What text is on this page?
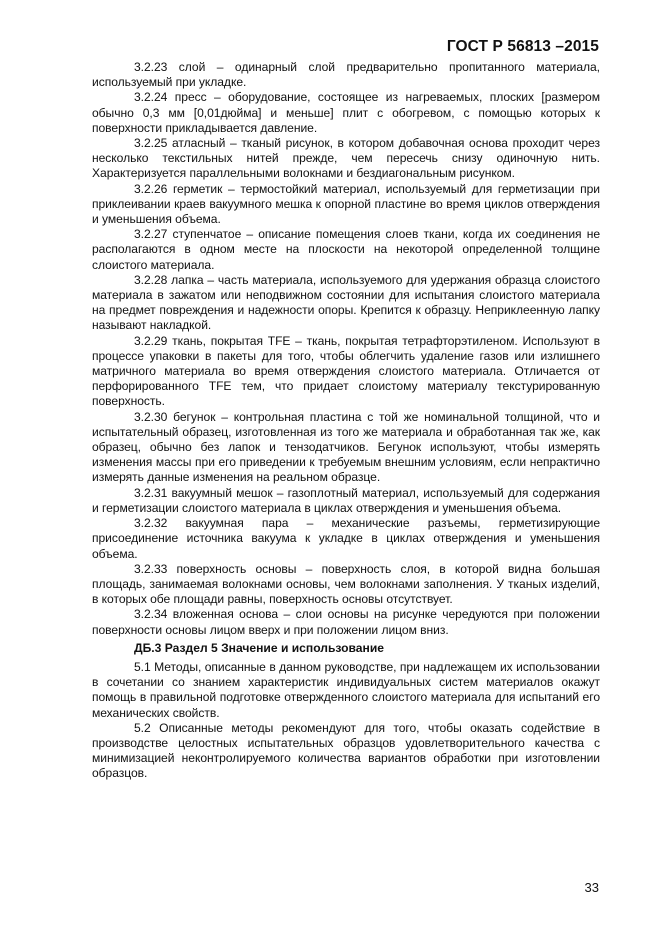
ГОСТ Р 56813 –2015

3.2.23 слой – одинарный слой предварительно пропитанного материала, используемый при укладке.

3.2.24 пресс – оборудование, состоящее из нагреваемых, плоских [размером обычно 0,3 мм [0,01дюйма] и меньше] плит с обогревом, с помощью которых к поверхности прикладывается давление.

3.2.25 атласный – тканый рисунок, в котором добавочная основа проходит через несколько текстильных нитей прежде, чем пересечь снизу одиночную нить. Характеризуется параллельными волокнами и бездиагональным рисунком.

3.2.26 герметик – термостойкий материал, используемый для герметизации при приклеивании краев вакуумного мешка к опорной пластине во время циклов отверждения и уменьшения объема.

3.2.27 ступенчатое – описание помещения слоев ткани, когда их соединения не располагаются в одном месте на плоскости на некоторой определенной толщине слоистого материала.

3.2.28 лапка – часть материала, используемого для удержания образца слоистого материала в зажатом или неподвижном состоянии для испытания слоистого материала на предмет повреждения и надежности опоры. Крепится к образцу. Неприклеенную лапку называют накладкой.

3.2.29 ткань, покрытая TFE – ткань, покрытая тетрафторэтиленом. Используют в процессе упаковки в пакеты для того, чтобы облегчить удаление газов или излишнего матричного материала во время отверждения слоистого материала. Отличается от перфорированного TFE тем, что придает слоистому материалу текстурированную поверхность.

3.2.30 бегунок – контрольная пластина с той же номинальной толщиной, что и испытательный образец, изготовленная из того же материала и обработанная так же, как образец, обычно без лапок и тензодатчиков. Бегунок используют, чтобы измерять изменения массы при его приведении к требуемым внешним условиям, если непрактично измерять данные изменения на реальном образце.

3.2.31 вакуумный мешок – газоплотный материал, используемый для содержания и герметизации слоистого материала в циклах отверждения и уменьшения объема.

3.2.32 вакуумная пара – механические разъемы, герметизирующие присоединение источника вакуума к укладке в циклах отверждения и уменьшения объема.

3.2.33 поверхность основы – поверхность слоя, в которой видна большая площадь, занимаемая волокнами основы, чем волокнами заполнения. У тканых изделий, в которых обе площади равны, поверхность основы отсутствует.

3.2.34 вложенная основа – слои основы на рисунке чередуются при положении поверхности основы лицом вверх и при положении лицом вниз.

ДБ.3 Раздел 5 Значение и использование

5.1 Методы, описанные в данном руководстве, при надлежащем их использовании в сочетании со знанием характеристик индивидуальных систем материалов окажут помощь в правильной подготовке отвержденного слоистого материала для испытаний его механических свойств.

5.2 Описанные методы рекомендуют для того, чтобы оказать содействие в производстве целостных испытательных образцов удовлетворительного качества с минимизацией неконтролируемого количества вариантов обработки при изготовлении образцов.

33
